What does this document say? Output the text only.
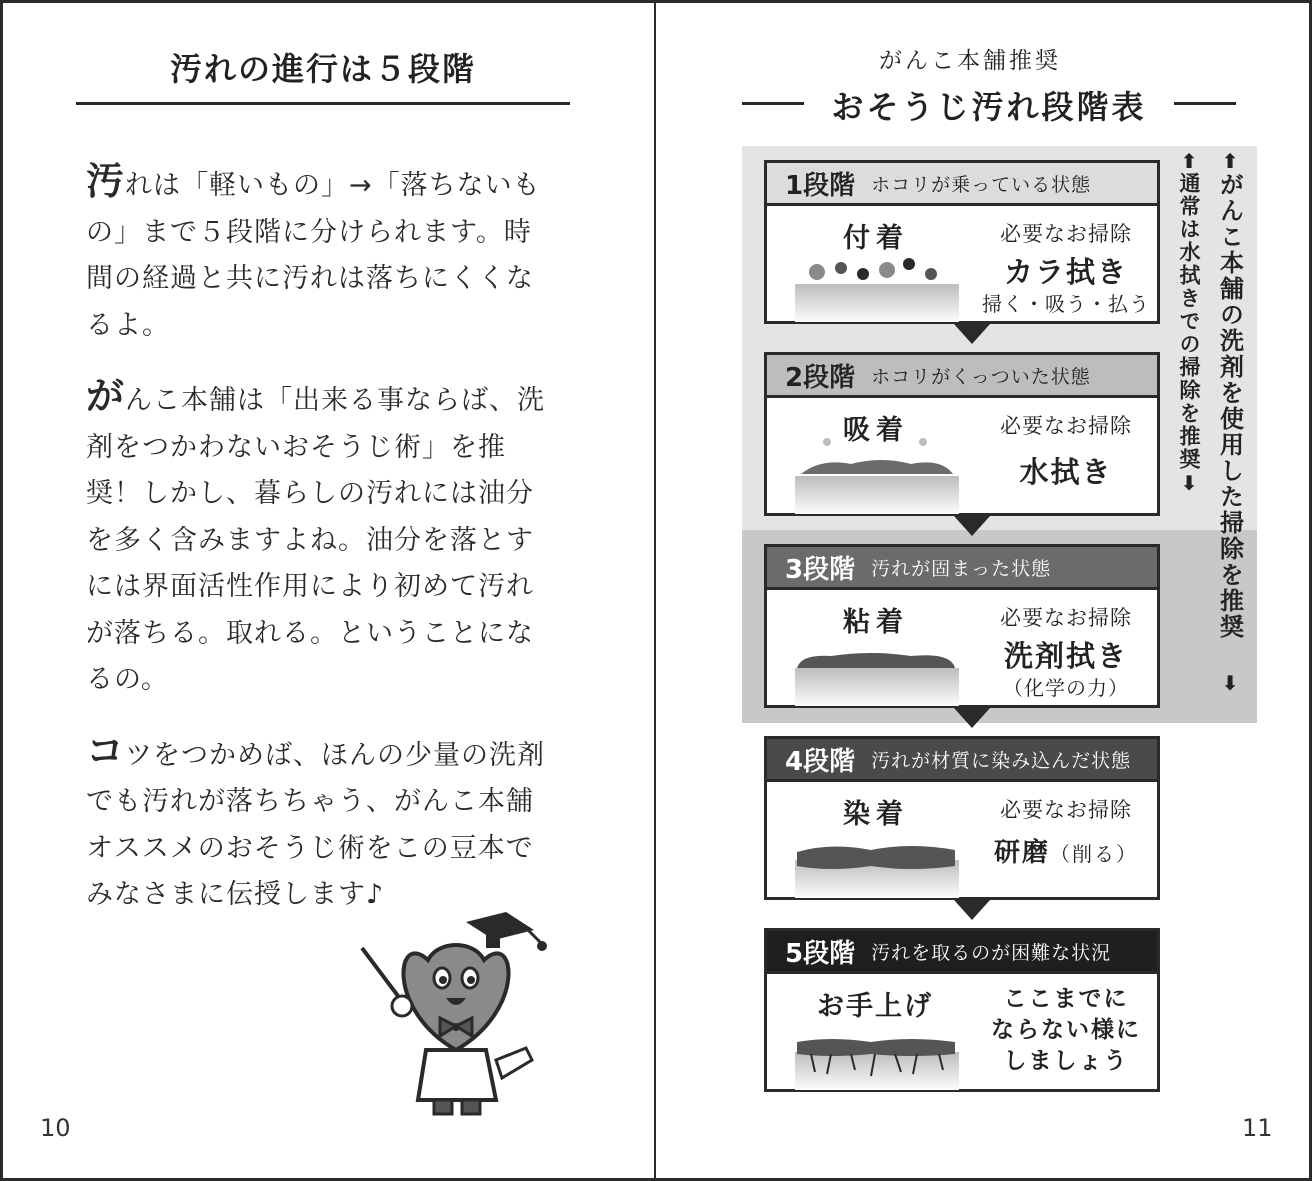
汚れの進行は５段階

汚れは「軽いもの」→「落ちないもの」まで５段階に分けられます。時間の経過と共に汚れは落ちにくくなるよ。

がんこ本舗は「出来る事ならば、洗剤をつかわないおそうじ術」を推奨！しかし、暮らしの汚れには油分を多く含みますよね。油分を落とすには界面活性作用により初めて汚れが落ちる。取れる。ということになるの。

コツをつかめば、ほんの少量の洗剤でも汚れが落ちちゃう、がんこ本舗オススメのおそうじ術をこの豆本でみなさまに伝授します♪

10
がんこ本舗推奨
おそうじ汚れ段階表
⬆
通常は水拭きでの掃除を推奨
⬇
⬆
がんこ本舗の洗剤を使用した掃除を推奨
⬇
1段階 ホコリが乗っている状態
付着	必要なお掃除
カラ拭き
掃く・吸う・払う
2段階 ホコリがくっついた状態
吸着	必要なお掃除
水拭き
3段階 汚れが固まった状態
粘着	必要なお掃除
洗剤拭き
（化学の力）
4段階 汚れが材質に染み込んだ状態
染着	必要なお掃除
研磨（削る）
5段階 汚れを取るのが困難な状況
お手上げ	ここまでに
ならない様に
しましょう
11
